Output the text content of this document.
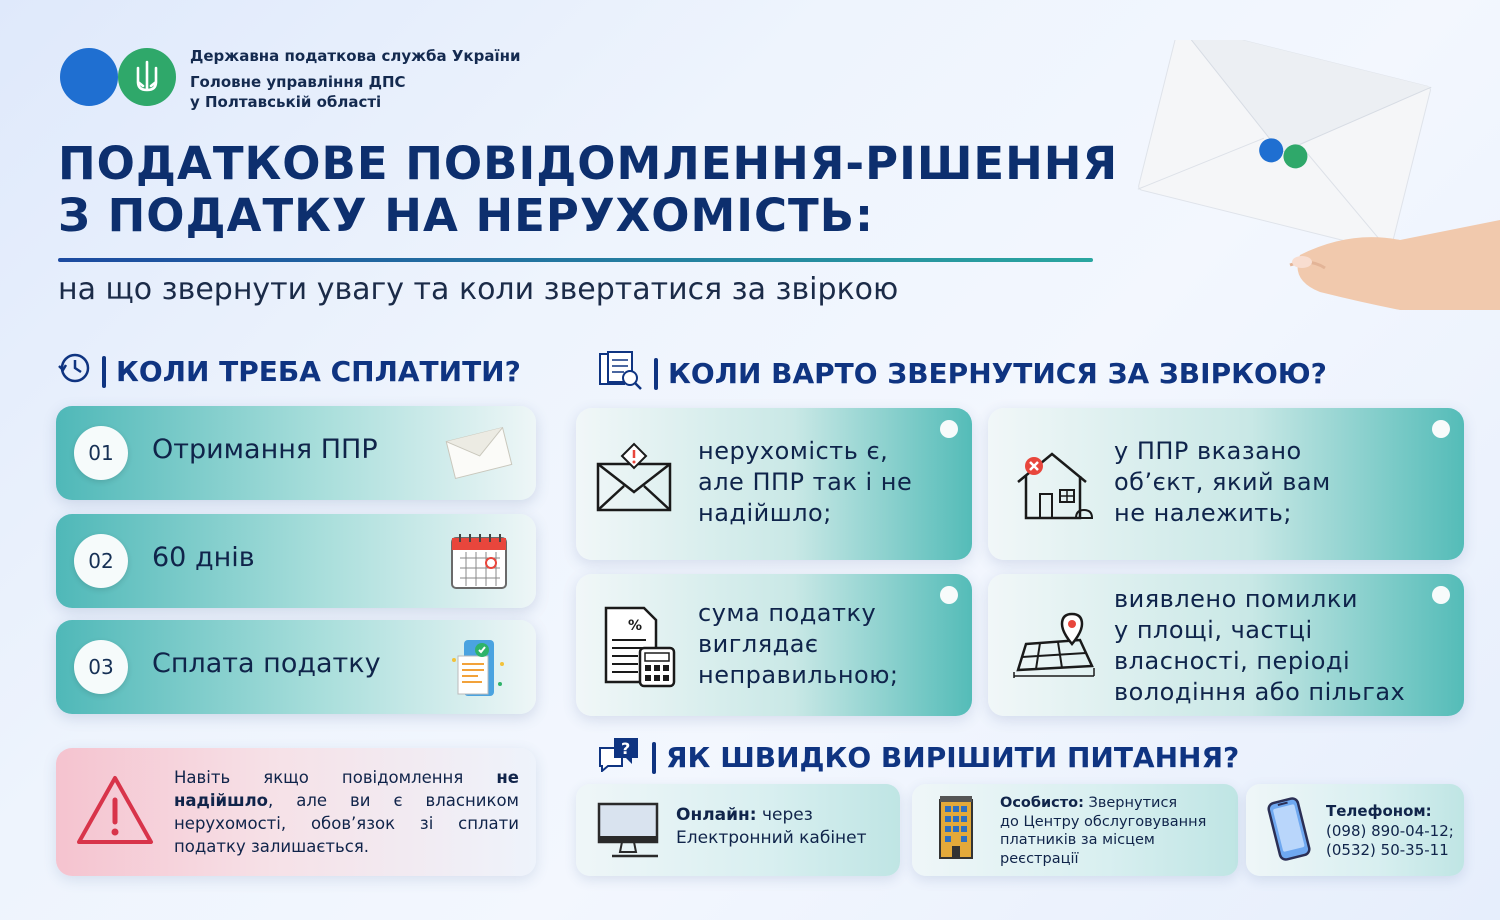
Державна податкова служба України
Головне управління ДПС
у Полтавській області
ПОДАТКОВЕ ПОВІДОМЛЕННЯ-РІШЕННЯ
З ПОДАТКУ НА НЕРУХОМІСТЬ:
на що звернути увагу та коли звертатися за звіркою
КОЛИ ТРЕБА СПЛАТИТИ?
01	Отримання ППР
02	60 днів
03	Сплата податку
Навіть якщо повідомлення не надійшло, але ви є власником нерухомості, обов’язок зі сплати податку залишається.
КОЛИ ВАРТО ЗВЕРНУТИСЯ ЗА ЗВІРКОЮ?
нерухомість є,
але ППР так і не
надійшло;
у ППР вказано
об’єкт, який вам
не належить;
% сума податку
виглядає
неправильною;
виявлено помилки
у площі, частці
власності, періоді
володіння або пільгах
? ЯК ШВИДКО ВИРІШИТИ ПИТАННЯ?
Онлайн: через
Електронний кабінет
Особисто: Звернутися
до Центру обслуговування
платників за місцем
реєстрації
Телефоном:
(098) 890-04-12;
(0532) 50-35-11
